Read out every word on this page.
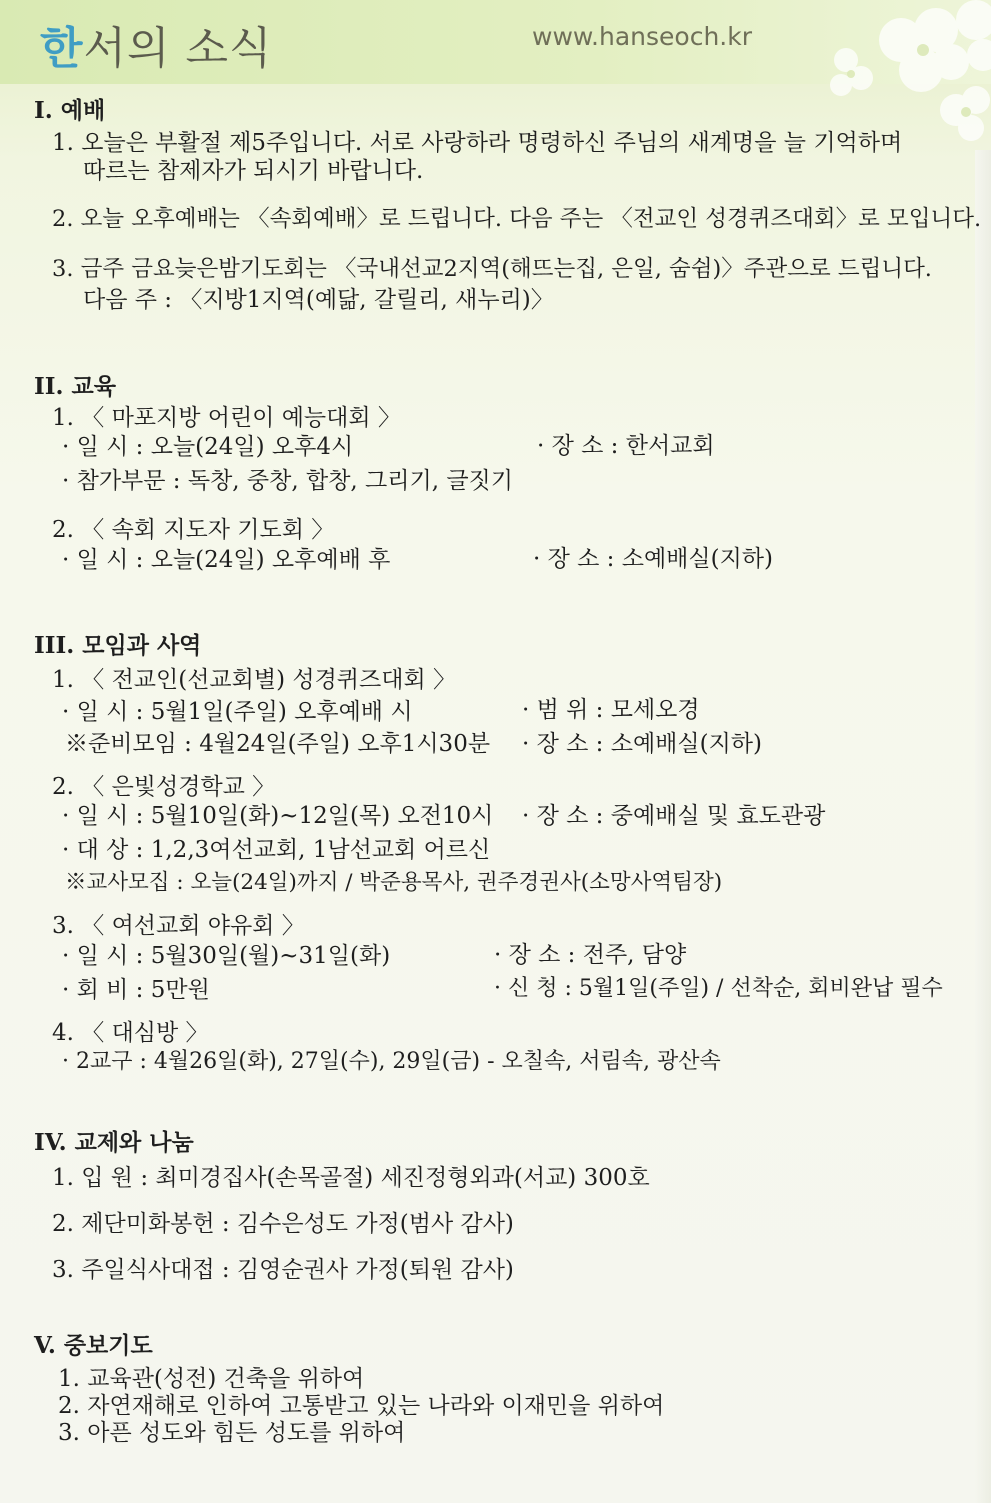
한서의 소식	www.hanseoch.kr
I. 예배
1. 오늘은 부활절 제5주입니다. 서로 사랑하라 명령하신 주님의 새계명을 늘 기억하며
따르는 참제자가 되시기 바랍니다.
2. 오늘 오후예배는 〈속회예배〉로 드립니다. 다음 주는 〈전교인 성경퀴즈대회〉로 모입니다.
3. 금주 금요늦은밤기도회는 〈국내선교2지역(해뜨는집, 은일, 숨쉼)〉주관으로 드립니다.
다음 주 : 〈지방1지역(예닮, 갈릴리, 새누리)〉
II. 교육
1. 〈 마포지방 어린이 예능대회 〉
· 일 시 : 오늘(24일) 오후4시	· 장 소 : 한서교회
· 참가부문 : 독창, 중창, 합창, 그리기, 글짓기
2. 〈 속회 지도자 기도회 〉
· 일 시 : 오늘(24일) 오후예배 후	· 장 소 : 소예배실(지하)
III. 모임과 사역
1. 〈 전교인(선교회별) 성경퀴즈대회 〉
· 일 시 : 5월1일(주일) 오후예배 시	· 범 위 : 모세오경
※준비모임 : 4월24일(주일) 오후1시30분 · 장 소 : 소예배실(지하)
2. 〈 은빛성경학교 〉
· 일 시 : 5월10일(화)~12일(목) 오전10시 · 장 소 : 중예배실 및 효도관광
· 대 상 : 1,2,3여선교회, 1남선교회 어르신
※교사모집 : 오늘(24일)까지 / 박준용목사, 권주경권사(소망사역팀장)
3. 〈 여선교회 야유회 〉
· 일 시 : 5월30일(월)~31일(화)	· 장 소 : 전주, 담양
· 회 비 : 5만원	· 신 청 : 5월1일(주일) / 선착순, 회비완납 필수
4. 〈 대심방 〉
· 2교구 : 4월26일(화), 27일(수), 29일(금) - 오칠속, 서림속, 광산속
IV. 교제와 나눔
1. 입 원 : 최미경집사(손목골절) 세진정형외과(서교) 300호
2. 제단미화봉헌 : 김수은성도 가정(범사 감사)
3. 주일식사대접 : 김영순권사 가정(퇴원 감사)
V. 중보기도
1. 교육관(성전) 건축을 위하여
2. 자연재해로 인하여 고통받고 있는 나라와 이재민을 위하여
3. 아픈 성도와 힘든 성도를 위하여
